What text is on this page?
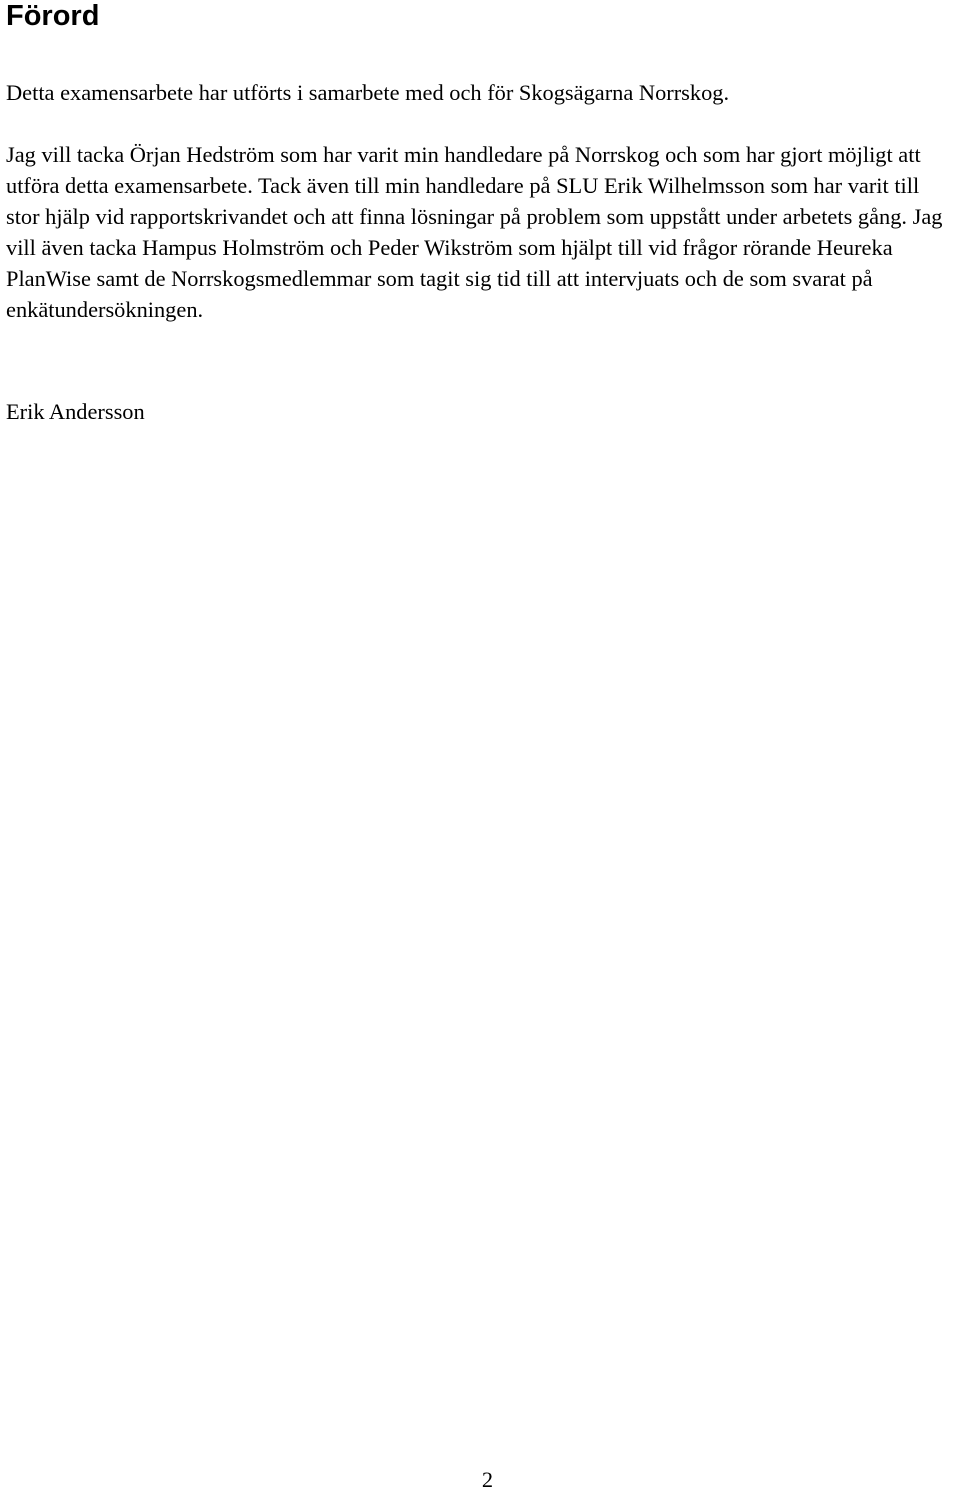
Förord

Detta examensarbete har utförts i samarbete med och för Skogsägarna Norrskog.

Jag vill tacka Örjan Hedström som har varit min handledare på Norrskog och som har gjort möjligt att utföra detta examensarbete. Tack även till min handledare på SLU Erik Wilhelmsson som har varit till stor hjälp vid rapportskrivandet och att finna lösningar på problem som uppstått under arbetets gång. Jag vill även tacka Hampus Holmström och Peder Wikström som hjälpt till vid frågor rörande Heureka PlanWise samt de Norrskogsmedlemmar som tagit sig tid till att intervjuats och de som svarat på enkätundersökningen.

Erik Andersson

2
